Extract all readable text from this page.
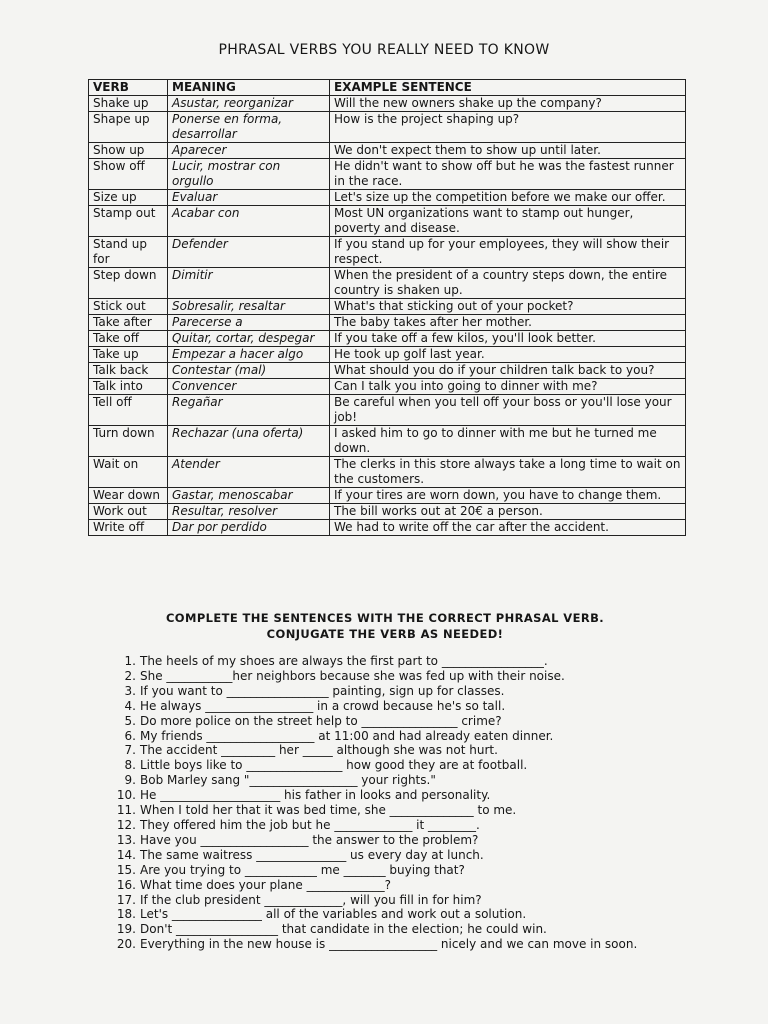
PHRASAL VERBS YOU REALLY NEED TO KNOW
VERB	MEANING	EXAMPLE SENTENCE
Shake up	Asustar, reorganizar	Will the new owners shake up the company?
Shape up	Ponerse en forma, desarrollar	How is the project shaping up?
Show up	Aparecer	We don't expect them to show up until later.
Show off	Lucir, mostrar con orgullo	He didn't want to show off but he was the fastest runner in the race.
Size up	Evaluar	Let's size up the competition before we make our offer.
Stamp out	Acabar con	Most UN organizations want to stamp out hunger, poverty and disease.
Stand up for	Defender	If you stand up for your employees, they will show their respect.
Step down	Dimitir	When the president of a country steps down, the entire country is shaken up.
Stick out	Sobresalir, resaltar	What's that sticking out of your pocket?
Take after	Parecerse a	The baby takes after her mother.
Take off	Quitar, cortar, despegar	If you take off a few kilos, you'll look better.
Take up	Empezar a hacer algo	He took up golf last year.
Talk back	Contestar (mal)	What should you do if your children talk back to you?
Talk into	Convencer	Can I talk you into going to dinner with me?
Tell off	Regañar	Be careful when you tell off your boss or you'll lose your job!
Turn down	Rechazar (una oferta)	I asked him to go to dinner with me but he turned me down.
Wait on	Atender	The clerks in this store always take a long time to wait on the customers.
Wear down	Gastar, menoscabar	If your tires are worn down, you have to change them.
Work out	Resultar, resolver	The bill works out at 20€ a person.
Write off	Dar por perdido	We had to write off the car after the accident.
COMPLETE THE SENTENCES WITH THE CORRECT PHRASAL VERB.
CONJUGATE THE VERB AS NEEDED!
1. The heels of my shoes are always the first part to _________________.
2. She ___________her neighbors because she was fed up with their noise.
3. If you want to _________________ painting, sign up for classes.
4. He always __________________ in a crowd because he's so tall.
5. Do more police on the street help to ________________ crime?
6. My friends __________________ at 11:00 and had already eaten dinner.
7. The accident _________ her _____ although she was not hurt.
8. Little boys like to ________________ how good they are at football.
9. Bob Marley sang "__________________ your rights."
10. He ____________________ his father in looks and personality.
11. When I told her that it was bed time, she ______________ to me.
12. They offered him the job but he _____________ it ________.
13. Have you __________________ the answer to the problem?
14. The same waitress _______________ us every day at lunch.
15. Are you trying to ____________ me _______ buying that?
16. What time does your plane _____________?
17. If the club president _____________, will you fill in for him?
18. Let's _______________ all of the variables and work out a solution.
19. Don't _________________ that candidate in the election; he could win.
20. Everything in the new house is __________________ nicely and we can move in soon.
